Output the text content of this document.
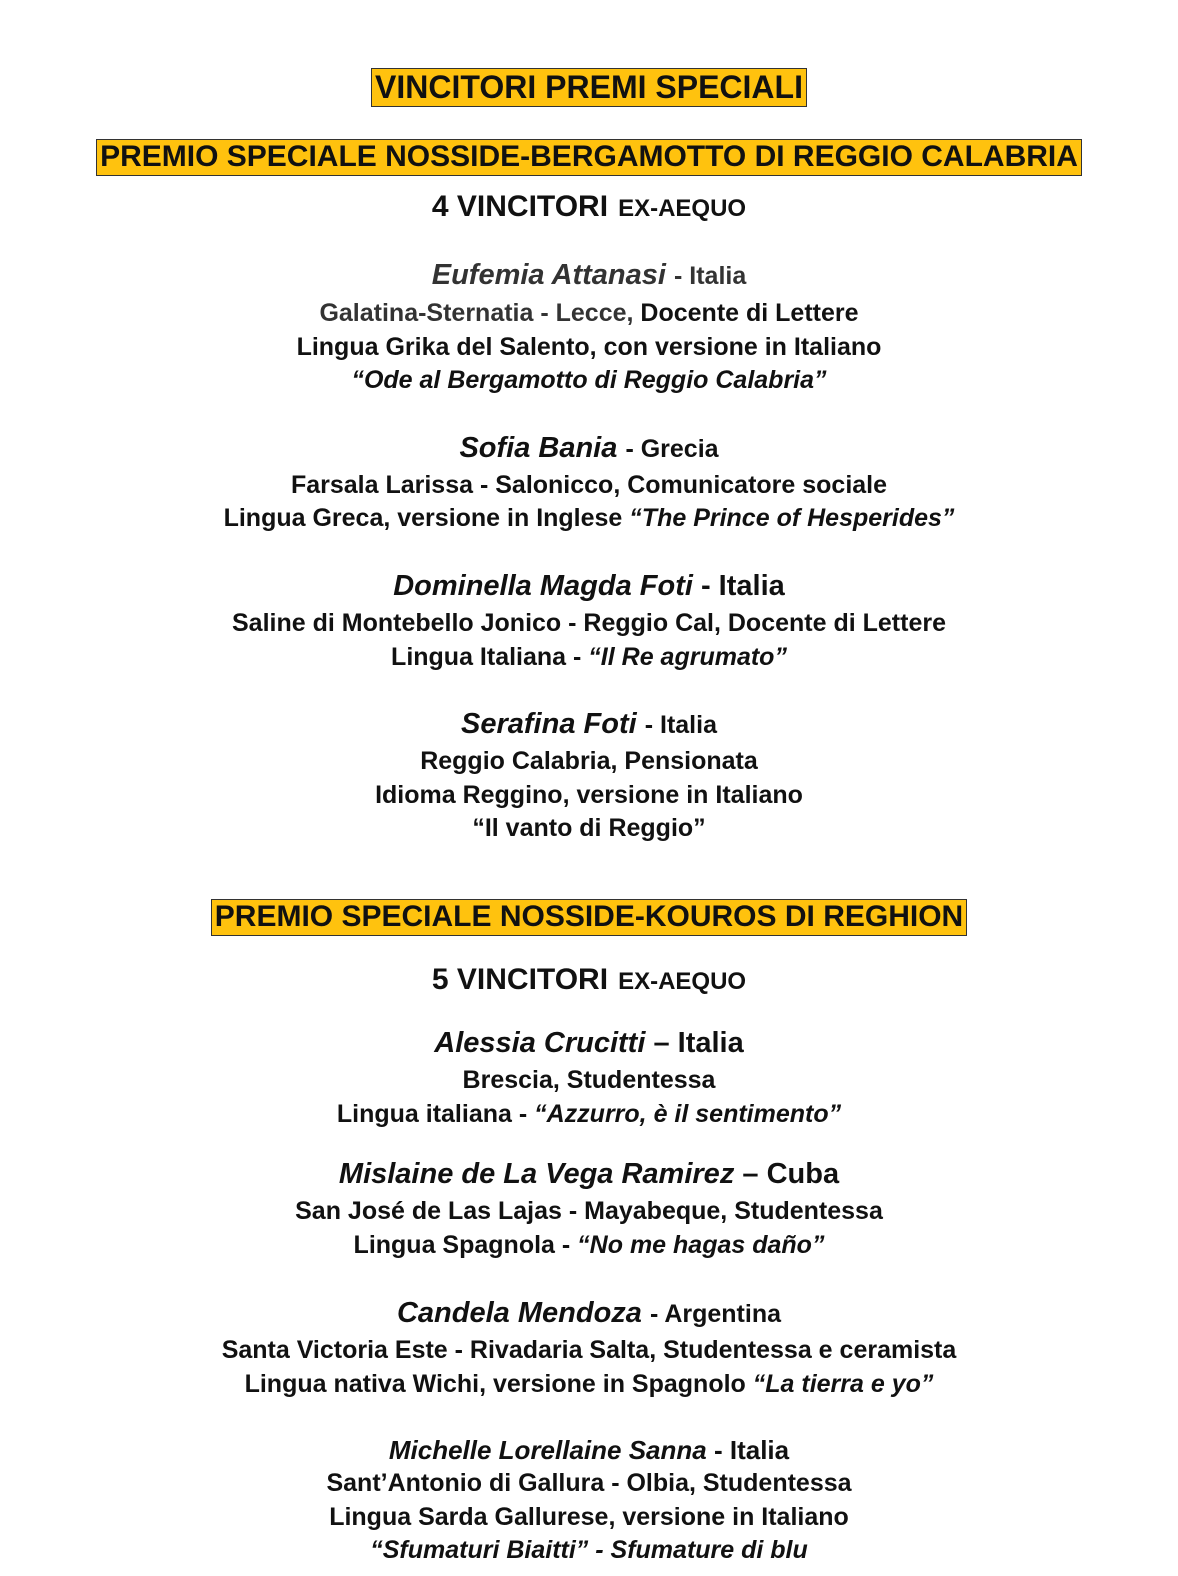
VINCITORI PREMI SPECIALI
PREMIO SPECIALE NOSSIDE-BERGAMOTTO DI REGGIO CALABRIA
4 VINCITORI EX-AEQUO
Eufemia Attanasi - Italia
Galatina-Sternatia - Lecce, Docente di Lettere
Lingua Grika del Salento, con versione in Italiano
“Ode al Bergamotto di Reggio Calabria”
Sofia Bania - Grecia
Farsala Larissa - Salonicco, Comunicatore sociale
Lingua Greca, versione in Inglese “The Prince of Hesperides”
Dominella Magda Foti - Italia
Saline di Montebello Jonico - Reggio Cal, Docente di Lettere
Lingua Italiana - “Il Re agrumato”
Serafina Foti - Italia
Reggio Calabria, Pensionata
Idioma Reggino, versione in Italiano
“Il vanto di Reggio”
PREMIO SPECIALE NOSSIDE-KOUROS DI REGHION
5 VINCITORI EX-AEQUO
Alessia Crucitti – Italia
Brescia, Studentessa
Lingua italiana - “Azzurro, è il sentimento”
Mislaine de La Vega Ramirez – Cuba
San José de Las Lajas - Mayabeque, Studentessa
Lingua Spagnola - “No me hagas daño”
Candela Mendoza - Argentina
Santa Victoria Este - Rivadaria Salta, Studentessa e ceramista
Lingua nativa Wichi, versione in Spagnolo “La tierra e yo”
Michelle Lorellaine Sanna - Italia
Sant’Antonio di Gallura - Olbia, Studentessa
Lingua Sarda Gallurese, versione in Italiano
“Sfumaturi Biaitti” - Sfumature di blu
